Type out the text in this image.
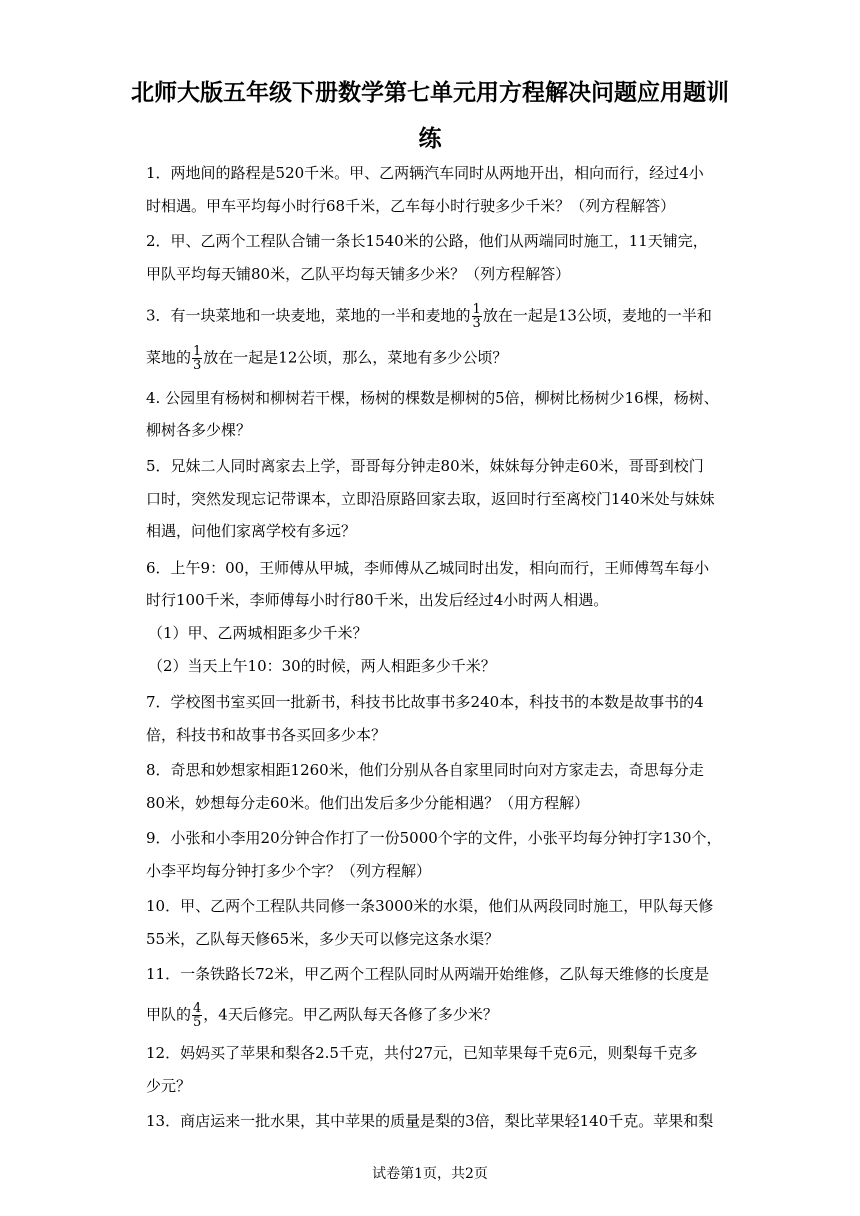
北师大版五年级下册数学第七单元用方程解决问题应用题训
练
1．两地间的路程是520千米。甲、乙两辆汽车同时从两地开出，相向而行，经过4小
时相遇。甲车平均每小时行68千米，乙车每小时行驶多少千米？（列方程解答）
2．甲、乙两个工程队合铺一条长1540米的公路，他们从两端同时施工，11天铺完，
甲队平均每天铺80米，乙队平均每天铺多少米？（列方程解答）
3．有一块菜地和一块麦地，菜地的一半和麦地的 $\frac{1}{3}$ 放在一起是13公顷，麦地的一半和
菜地的 $\frac{1}{3}$ 放在一起是12公顷，那么，菜地有多少公顷？
4. 公园里有杨树和柳树若干棵，杨树的棵数是柳树的5倍，柳树比杨树少16棵，杨树、
柳树各多少棵？
5．兄妹二人同时离家去上学，哥哥每分钟走80米，妹妹每分钟走60米，哥哥到校门
口时，突然发现忘记带课本，立即沿原路回家去取，返回时行至离校门140米处与妹妹
相遇，问他们家离学校有多远？
6．上午9：00，王师傅从甲城，李师傅从乙城同时出发，相向而行，王师傅驾车每小
时行100千米，李师傅每小时行80千米，出发后经过4小时两人相遇。
（1）甲、乙两城相距多少千米？
（2）当天上午10：30的时候，两人相距多少千米？
7．学校图书室买回一批新书，科技书比故事书多240本，科技书的本数是故事书的4
倍，科技书和故事书各买回多少本？
8．奇思和妙想家相距1260米，他们分别从各自家里同时向对方家走去，奇思每分走
80米，妙想每分走60米。他们出发后多少分能相遇？（用方程解）
9．小张和小李用20分钟合作打了一份5000个字的文件，小张平均每分钟打字130个，
小李平均每分钟打多少个字？（列方程解）
10．甲、乙两个工程队共同修一条3000米的水渠，他们从两段同时施工，甲队每天修
55米，乙队每天修65米，多少天可以修完这条水渠？
11．一条铁路长72米，甲乙两个工程队同时从两端开始维修，乙队每天维修的长度是
甲队的 $\frac{4}{5}$ ，4天后修完。甲乙两队每天各修了多少米？
12．妈妈买了苹果和梨各2.5千克，共付27元，已知苹果每千克6元，则梨每千克多
少元？
13．商店运来一批水果，其中苹果的质量是梨的3倍，梨比苹果轻140千克。苹果和梨
试卷第1页，共2页
